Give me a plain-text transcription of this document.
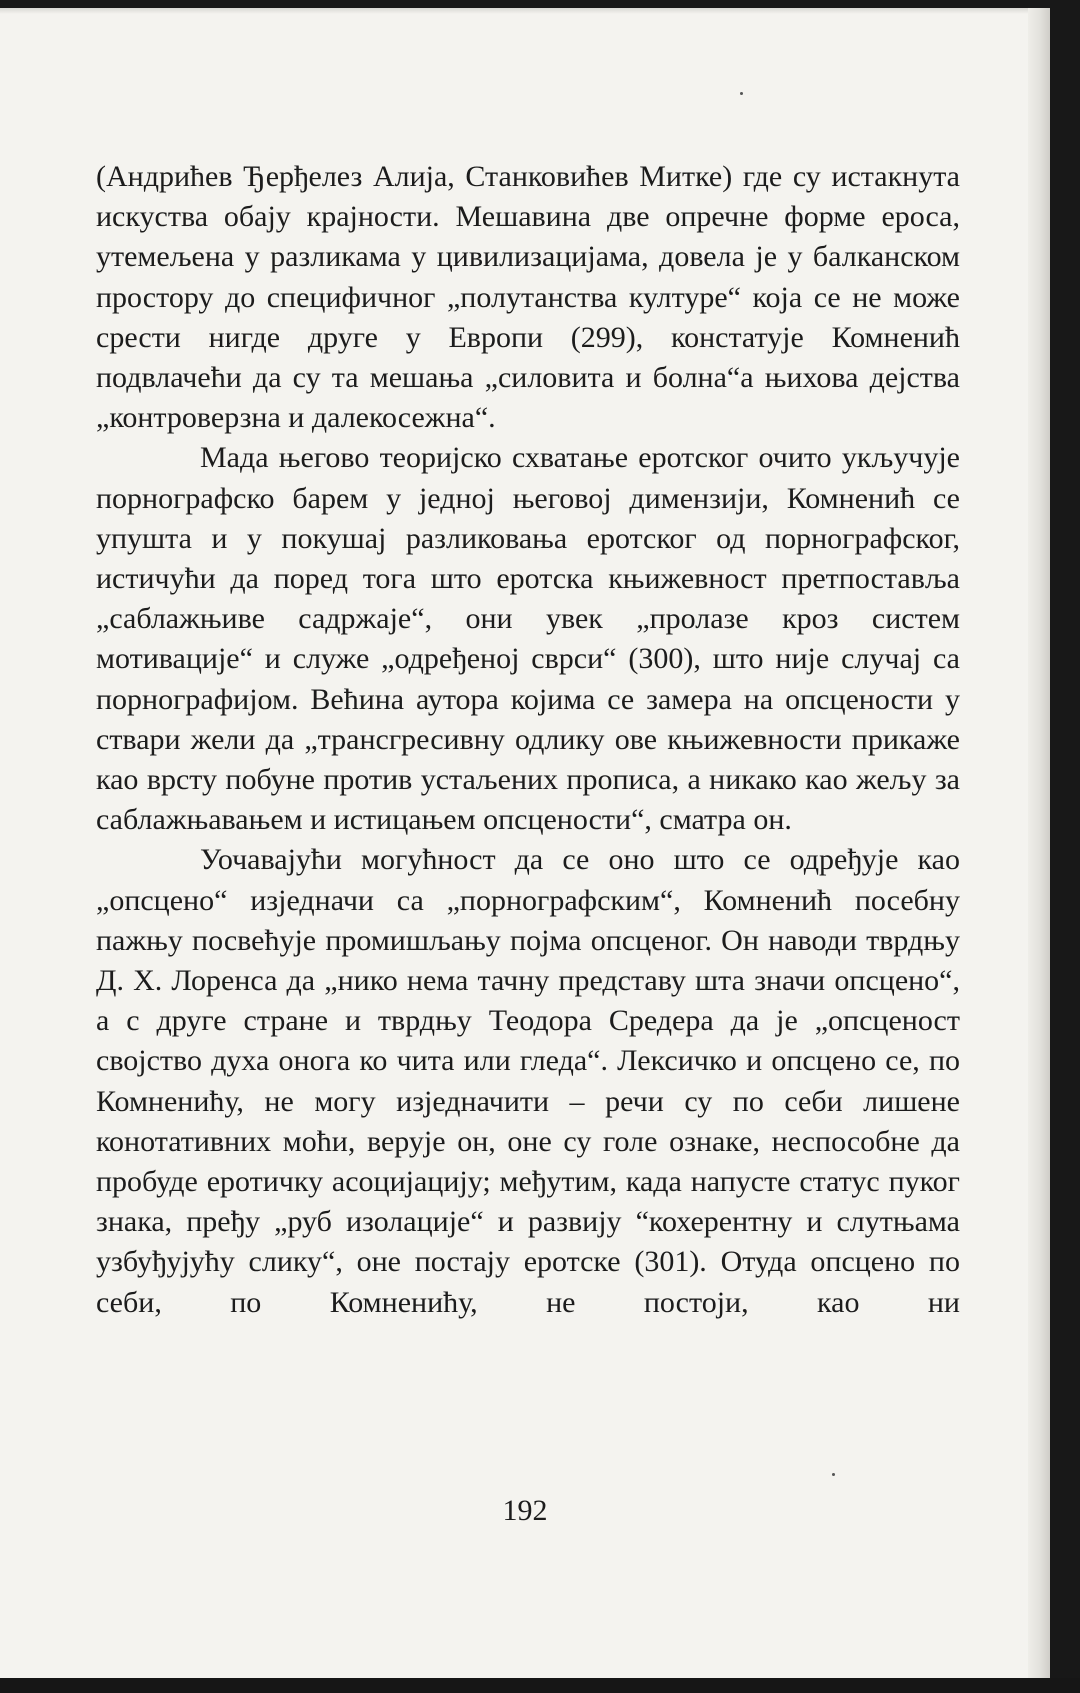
(Андрићев Ђерђелез Алија, Станковићев Митке) где су истакнута искуства обају крајности. Мешавина две опречне форме ероса, утемељена у разликама у цивилизацијама, довела је у балканском простору до специфичног „полутанства културе“ која се не може срести нигде друге у Европи (299), констатује Комненић подвлачећи да су та мешања „силовита и болна“а њихова дејства „контроверзна и далекосежна“.

Мада његово теоријско схватање еротског очито укључује порнографско барем у једној његовој димензији, Комненић се упушта и у покушај разликовања еротског од порнографског, истичући да поред тога што еротска књижевност претпоставља „саблажњиве садржаје“, они увек „пролазе кроз систем мотивације“ и служе „одређеној сврси“ (300), што није случај са порнографијом. Већина аутора којима се замера на опсцености у ствари жели да „трансгресивну одлику ове књижевности прикаже као врсту побуне против устаљених прописа, а никако као жељу за саблажњавањем и истицањем опсцености“, сматра он.

Уочавајући могућност да се оно што се одређује као „опсцено“ изједначи са „порнографским“, Комненић посебну пажњу посвећује промишљању појма опсценог. Он наводи тврдњу Д. Х. Лоренса да „нико нема тачну представу шта значи опсцено“, а с друге стране и тврдњу Теодора Средера да је „опсценост својство духа онога ко чита или гледа“. Лексичко и опсцено се, по Комненићу, не могу изједначити – речи су по себи лишене конотативних моћи, верује он, оне су голе ознаке, неспособне да пробуде еротичку асоцијацију; међутим, када напусте статус пуког знака, пређу „руб изолације“ и развију “кохерентну и слутњама узбуђујућу слику“, оне постају еротске (301). Отуда опсцено по себи, по Комненићу, не постоји, као ни

192
